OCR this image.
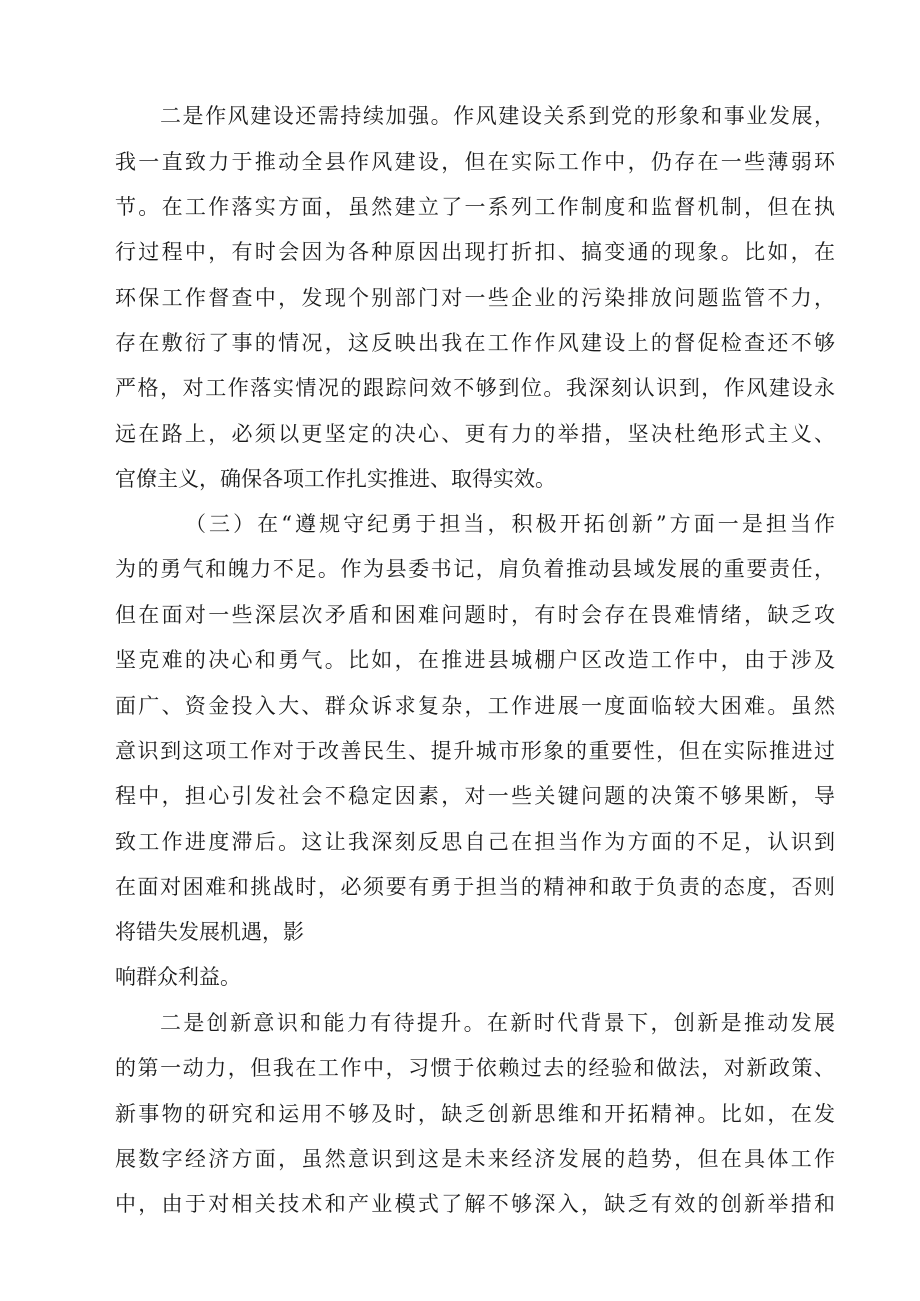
二是作风建设还需持续加强。作风建设关系到党的形象和事业发展，
我一直致力于推动全县作风建设，但在实际工作中，仍存在一些薄弱环
节。在工作落实方面，虽然建立了一系列工作制度和监督机制，但在执
行过程中，有时会因为各种原因出现打折扣、搞变通的现象。比如，在
环保工作督查中，发现个别部门对一些企业的污染排放问题监管不力，
存在敷衍了事的情况，这反映出我在工作作风建设上的督促检查还不够
严格，对工作落实情况的跟踪问效不够到位。我深刻认识到，作风建设永
远在路上，必须以更坚定的决心、更有力的举措，坚决杜绝形式主义、
官僚主义，确保各项工作扎实推进、取得实效。
（三）在“遵规守纪勇于担当，积极开拓创新”方面一是担当作
为的勇气和魄力不足。作为县委书记，肩负着推动县域发展的重要责任，
但在面对一些深层次矛盾和困难问题时，有时会存在畏难情绪，缺乏攻
坚克难的决心和勇气。比如，在推进县城棚户区改造工作中，由于涉及
面广、资金投入大、群众诉求复杂，工作进展一度面临较大困难。虽然
意识到这项工作对于改善民生、提升城市形象的重要性，但在实际推进过
程中，担心引发社会不稳定因素，对一些关键问题的决策不够果断，导
致工作进度滞后。这让我深刻反思自己在担当作为方面的不足，认识到
在面对困难和挑战时，必须要有勇于担当的精神和敢于负责的态度，否则
将错失发展机遇，影
响群众利益。
二是创新意识和能力有待提升。在新时代背景下，创新是推动发展
的第一动力，但我在工作中，习惯于依赖过去的经验和做法，对新政策、
新事物的研究和运用不够及时，缺乏创新思维和开拓精神。比如，在发
展数字经济方面，虽然意识到这是未来经济发展的趋势，但在具体工作
中，由于对相关技术和产业模式了解不够深入，缺乏有效的创新举措和
